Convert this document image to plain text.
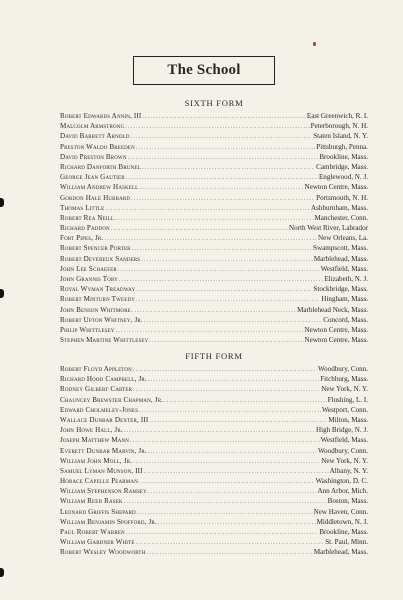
The School
SIXTH FORM
Robert Edwards Annin, III .....	East Greenwich, R. I.
Malcolm Armstrong .....	Peterborough, N. H.
David Barrett Arnold .....	Staten Island, N. Y.
Preston Waldo Breeden .....	Pittsburgh, Penna.
David Preston Brown .....	Brookline, Mass.
Richard Danforth Brunel .....	Cambridge, Mass.
George Jean Gautier .....	Englewood, N. J.
William Andrew Haskell .....	Newton Centre, Mass.
Gordon Hale Hubbard .....	Portsmouth, N. H.
Thomas Little .....	Ashburnham, Mass.
Robert Rea Neill .....	Manchester, Conn.
Richard Paddon .....	North West River, Labrador
Fort Pipes, Jr. .....	New Orleans, La.
Robert Spencer Porter .....	Swampscott, Mass.
Robert Devereux Sanders .....	Marblehead, Mass.
John Lee Schaefer .....	Westfield, Mass.
John Grannis Tory .....	Elizabeth, N. J.
Royal Wyman Treadway .....	Stockbridge, Mass.
Robert Minturn Tweedy .....	Hingham, Mass.
John Benson Whitmore .....	Marblehead Neck, Mass.
Robert Upton Whitney, Jr. .....	Concord, Mass.
Philip Whittlesey .....	Newton Centre, Mass.
Stephen Martine Whittlesey .....	Newton Centre, Mass.
FIFTH FORM
Robert Floyd Appleton .....	Woodbury, Conn.
Richard Hood Campbell, Jr. .....	Fitchburg, Mass.
Rodney Gilbert Carter .....	New York, N. Y.
Chauncey Brewster Chapman, Jr. .....	Flushing, L. I.
Edward Cholmeley-Jones .....	Westport, Conn.
Wallace Dunbar Dexter, III .....	Milton, Mass.
John Howe Hall, Jr. .....	High Bridge, N. J.
Joseph Matthew Mann .....	Westfield, Mass.
Everett Dunbar Marvin, Jr. .....	Woodbury, Conn.
William John Moll, Jr. .....	New York, N. Y.
Samuel Lyman Munson, III .....	Albany, N. Y.
Horace Capelle Pearman .....	Washington, D. C.
William Stephenson Ramsey .....	Ann Arbor, Mich.
William Reed Rasek .....	Boston, Mass.
Leonard Griffis Shepard .....	New Haven, Conn.
William Benjamin Spofford, Jr. .....	Middletown, N. J.
Paul Robert Warren .....	Brookline, Mass.
William Gardner White .....	St. Paul, Minn.
Robert Wesley Woodworth .....	Marblehead, Mass.
